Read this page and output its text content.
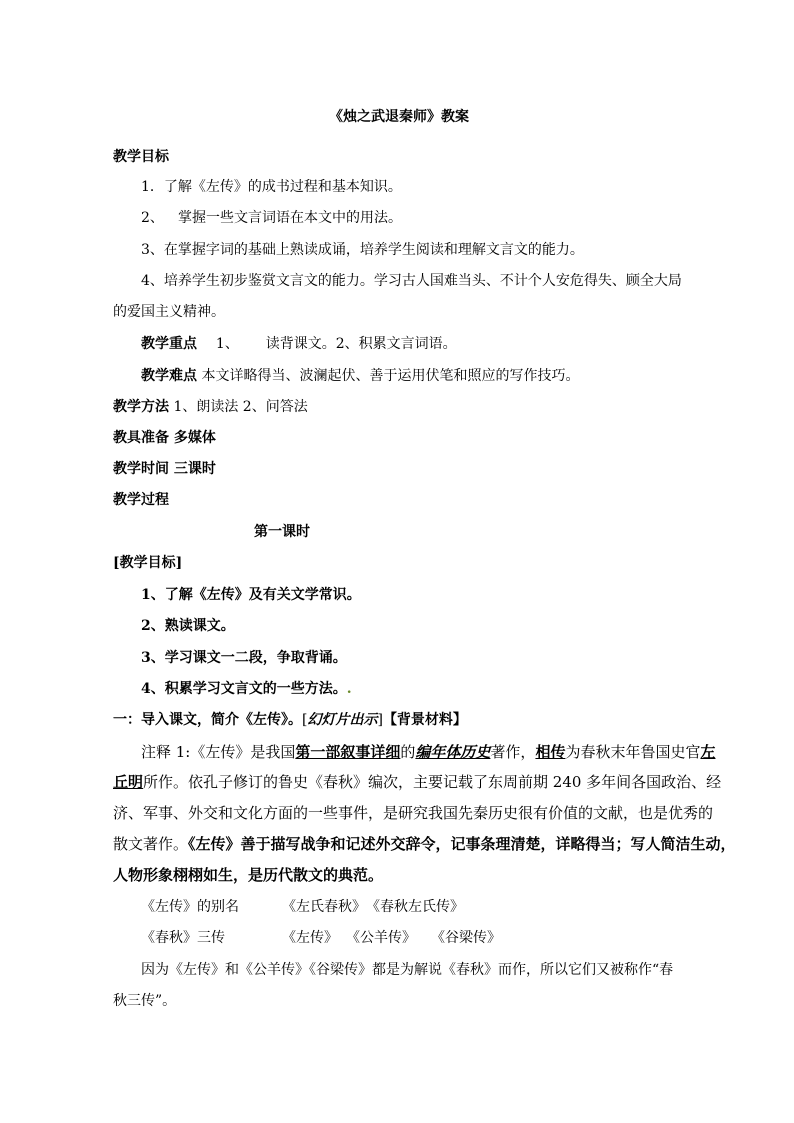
《烛之武退秦师》教案
教学目标
1．了解《左传》的成书过程和基本知识。
2、 掌握一些文言词语在本文中的用法。
3、在掌握字词的基础上熟读成诵，培养学生阅读和理解文言文的能力。
4、培养学生初步鉴赏文言文的能力。学习古人国难当头、不计个人安危得失、顾全大局
的爱国主义精神。
教学重点 1、 读背课文。2、积累文言词语。
教学难点 本文详略得当、波澜起伏、善于运用伏笔和照应的写作技巧。
教学方法 1、朗读法 2、问答法
教具准备 多媒体
教学时间 三课时
教学过程
第一课时
[教学目标]
1、了解《左传》及有关文学常识。
2、熟读课文。
3、学习课文一二段，争取背诵。
4、积累学习文言文的一些方法。.
一：导入课文，简介《左传》。[幻灯片出示]【背景材料】
注释 1:《左传》是我国第一部叙事详细的编年体历史著作，相传为春秋末年鲁国史官左
丘明所作。依孔子修订的鲁史《春秋》编次，主要记载了东周前期 240 多年间各国政治、经
济、军事、外交和文化方面的一些事件，是研究我国先秦历史很有价值的文献，也是优秀的
散文著作。《左传》善于描写战争和记述外交辞令，记事条理清楚，详略得当；写人简洁生动，
人物形象栩栩如生，是历代散文的典范。
《左传》的别名	《左氏春秋》 《春秋左氏传》
《春秋》三传	《左传》 《公羊传》 《谷梁传》
因为《左传》和《公羊传》《谷梁传》都是为解说《春秋》而作，所以它们又被称作“春
秋三传”。
